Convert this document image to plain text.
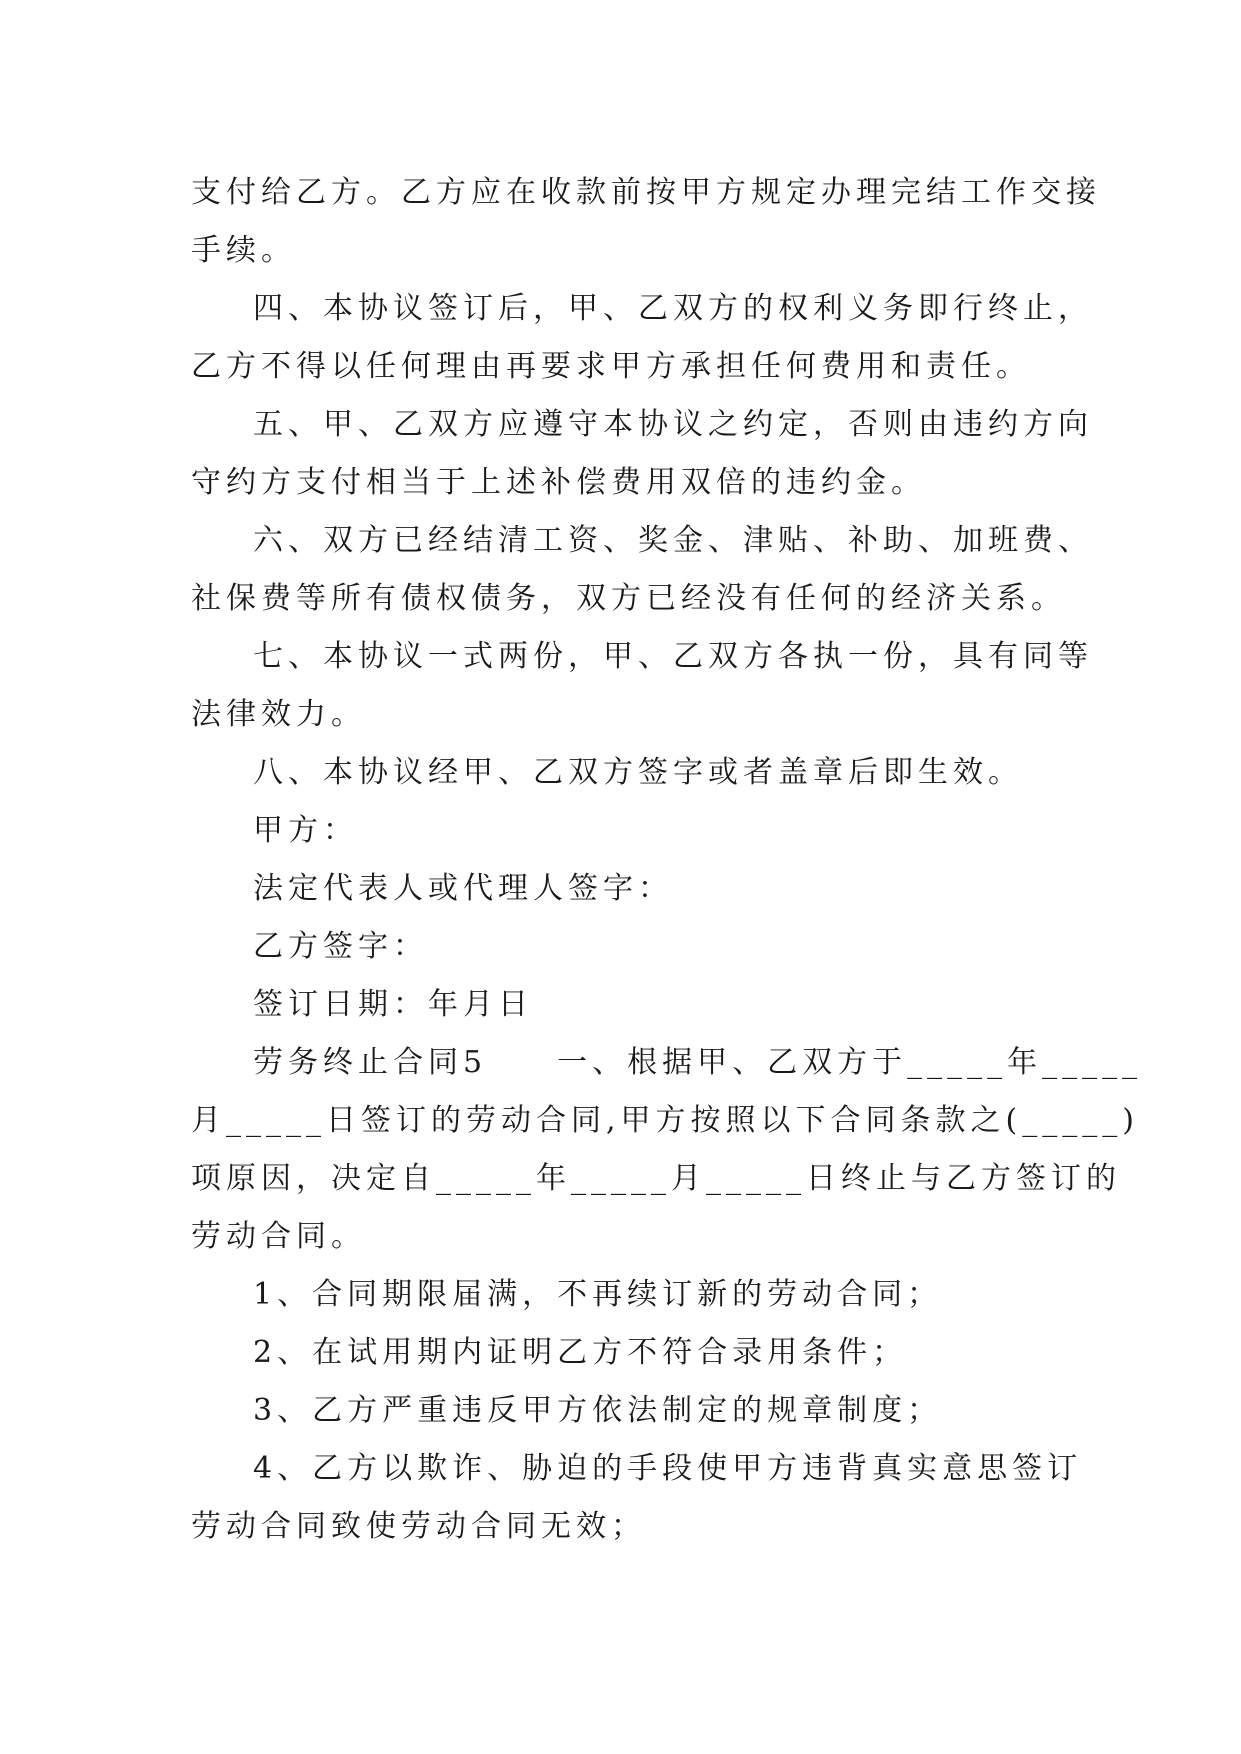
支付给乙方。乙方应在收款前按甲方规定办理完结工作交接
手续。
四、本协议签订后，甲、乙双方的权利义务即行终止，
乙方不得以任何理由再要求甲方承担任何费用和责任。
五、甲、乙双方应遵守本协议之约定，否则由违约方向
守约方支付相当于上述补偿费用双倍的违约金。
六、双方已经结清工资、奖金、津贴、补助、加班费、
社保费等所有债权债务，双方已经没有任何的经济关系。
七、本协议一式两份，甲、乙双方各执一份，具有同等
法律效力。
八、本协议经甲、乙双方签字或者盖章后即生效。
甲方：
法定代表人或代理人签字：
乙方签字：
签订日期：年月日
劳务终止合同5　　一、根据甲、乙双方于_____年_____
月_____日签订的劳动合同,甲方按照以下合同条款之(_____)
项原因，决定自_____年_____月_____日终止与乙方签订的
劳动合同。
1、合同期限届满，不再续订新的劳动合同；
2、在试用期内证明乙方不符合录用条件；
3、乙方严重违反甲方依法制定的规章制度；
4、乙方以欺诈、胁迫的手段使甲方违背真实意思签订
劳动合同致使劳动合同无效；
